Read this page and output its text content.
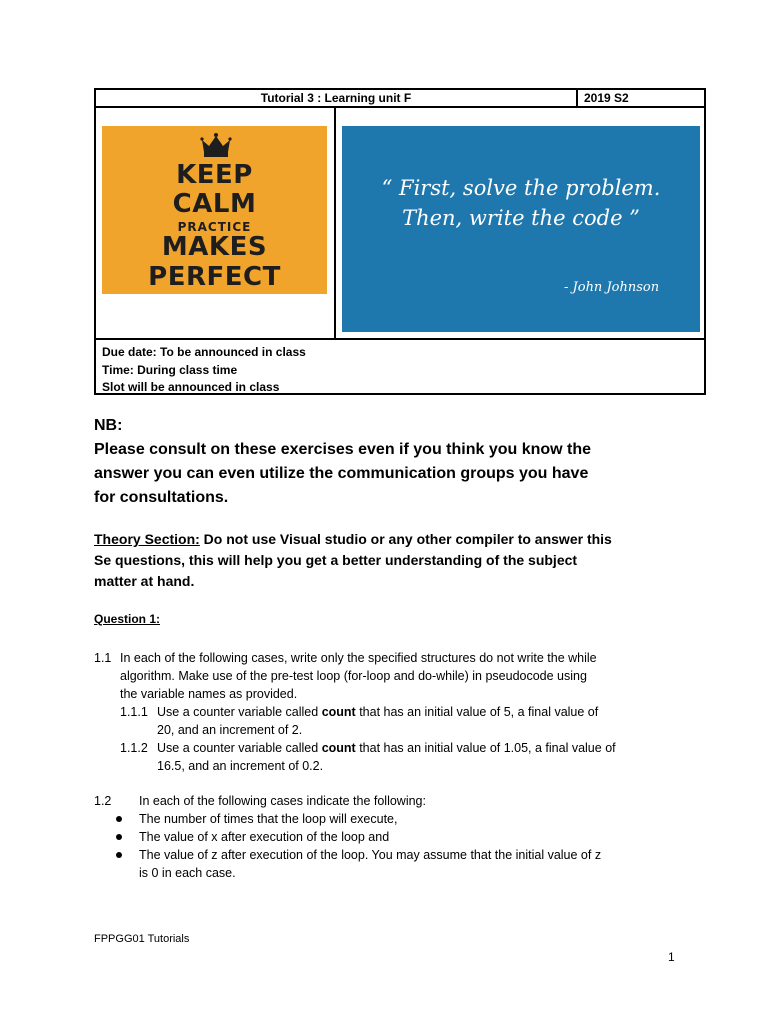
Tutorial 3 : Learning unit F	2019 S2
KEEP
CALM
PRACTICE
MAKES
PERFECT
“ First, solve the problem.
Then, write the code ”
- John Johnson
Due date: To be announced in class
Time: During class time
Slot will be announced in class
NB:
Please consult on these exercises even if you think you know the
answer you can even utilize the communication groups you have
for consultations.
Theory Section: Do not use Visual studio or any other compiler to answer this
Se questions, this will help you get a better understanding of the subject
matter at hand.
Question 1:
1.1 In each of the following cases, write only the specified structures do not write the while
algorithm. Make use of the pre-test loop (for-loop and do-while) in pseudocode using
the variable names as provided.
1.1.1 Use a counter variable called count that has an initial value of 5, a final value of
20, and an increment of 2.
1.1.2 Use a counter variable called count that has an initial value of 1.05, a final value of
16.5, and an increment of 0.2.
1.2 In each of the following cases indicate the following:
The number of times that the loop will execute,
The value of x after execution of the loop and
The value of z after execution of the loop. You may assume that the initial value of z
is 0 in each case.
FPPGG01 Tutorials
1
